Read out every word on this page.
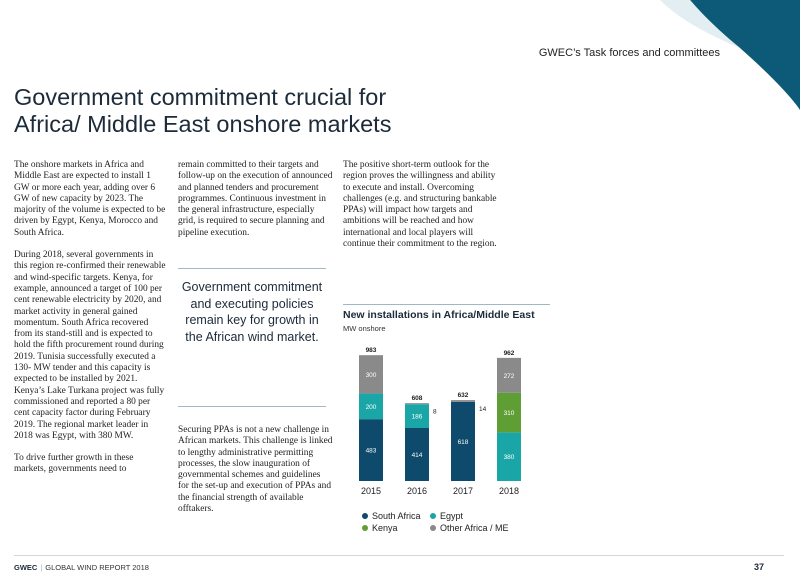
GWEC’s Task forces and committees
Government commitment crucial for Africa/ Middle East onshore markets

The onshore markets in Africa and Middle East are expected to install 1 GW or more each year, adding over 6 GW of new capacity by 2023. The majority of the volume is expected to be driven by Egypt, Kenya, Morocco and South Africa.

During 2018, several governments in this region re-confirmed their renewable and wind-specific targets. Kenya, for example, announced a target of 100 per cent renewable electricity by 2020, and market activity in general gained momentum. South Africa recovered from its stand-still and is expected to hold the fifth procurement round during 2019. Tunisia successfully executed a 130- MW tender and this capacity is expected to be installed by 2021. Kenya’s Lake Turkana project was fully commissioned and reported a 80 per cent capacity factor during February 2019. The regional market leader in 2018 was Egypt, with 380 MW.

To drive further growth in these markets, governments need to

remain committed to their targets and follow-up on the execution of announced and planned tenders and procurement programmes. Continuous investment in the general infrastructure, especially grid, is required to secure planning and pipeline execution.

Government commitment and executing policies remain key for growth in the African wind market.

Securing PPAs is not a new challenge in African markets. This challenge is linked to lengthy administrative permitting processes, the slow inauguration of governmental schemes and guidelines for the set-up and execution of PPAs and the financial strength of available offtakers.

The positive short-term outlook for the region proves the willingness and ability to execute and install. Overcoming challenges (e.g. and structuring bankable PPAs) will impact how targets and ambitions will be reached and how international and local players will continue their commitment to the region.

New installations in Africa/Middle East
MW onshore
483
200
300
983
2015
414
186
8
608
2016
618
14
632
2017
380
310
272
962
2018
South Africa	Egypt
Kenya	Other Africa / ME
GWEC | GLOBAL WIND REPORT 2018	37
